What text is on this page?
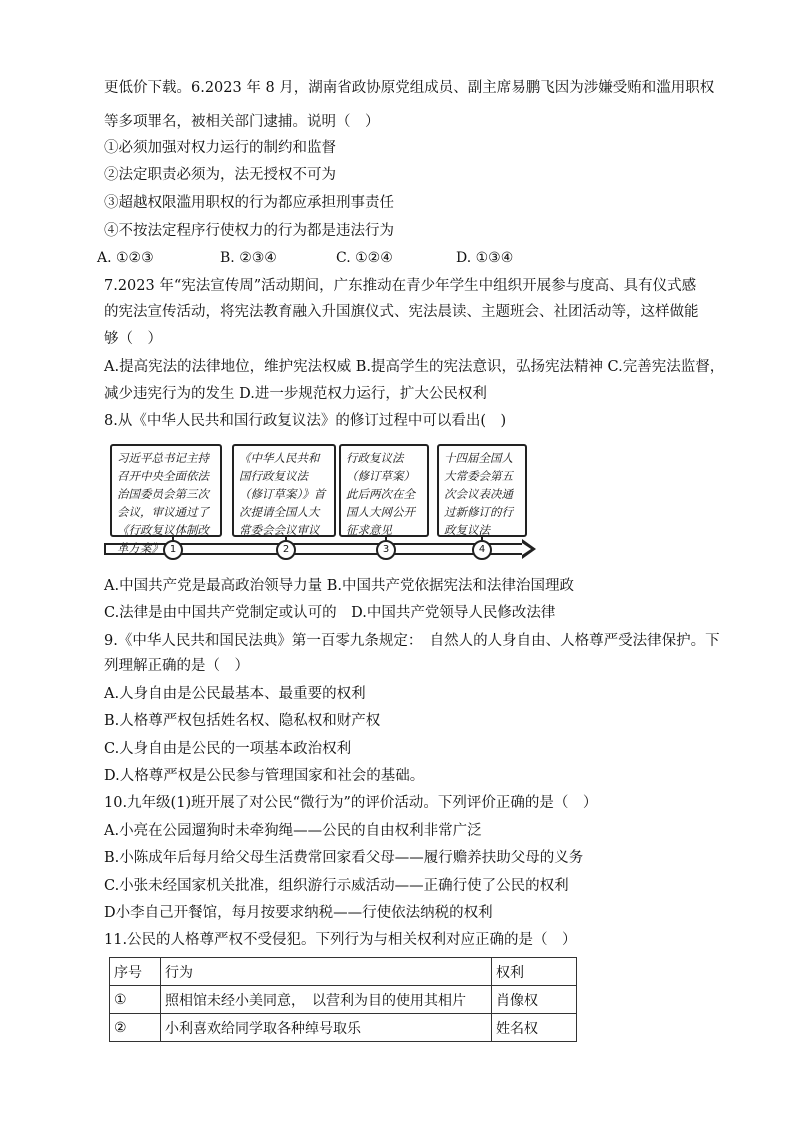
更低价下载。6.2023 年 8 月，湖南省政协原党组成员、副主席易鹏飞因为涉嫌受贿和滥用职权
等多项罪名，被相关部门逮捕。说明（　）
①必须加强对权力运行的制约和监督
②法定职责必须为，法无授权不可为
③超越权限滥用职权的行为都应承担刑事责任
④不按法定程序行使权力的行为都是违法行为
A. ①②③	B. ②③④	C. ①②④	D. ①③④
7.2023 年“宪法宣传周”活动期间，广东推动在青少年学生中组织开展参与度高、具有仪式感
的宪法宣传活动，将宪法教育融入升国旗仪式、宪法晨读、主题班会、社团活动等，这样做能
够（　）
A.提高宪法的法律地位，维护宪法权威 B.提高学生的宪法意识，弘扬宪法精神 C.完善宪法监督，
减少违宪行为的发生 D.进一步规范权力运行，扩大公民权利
8.从《中华人民共和国行政复议法》的修订过程中可以看出(　)
习近平总书记主持召开中央全面依法治国委员会第三次会议，审议通过了《行政复议体制改革方案》
《中华人民共和国行政复议法（修订草案）》首次提请全国人大常委会会议审议
行政复议法（修订草案）此后两次在全国人大网公开征求意见
十四届全国人大常委会第五次会议表决通过新修订的行政复议法
1	2	3	4
A.中国共产党是最高政治领导力量 B.中国共产党依据宪法和法律治国理政
C.法律是由中国共产党制定或认可的　D.中国共产党领导人民修改法律
9.《中华人民共和国民法典》第一百零九条规定：　自然人的人身自由、人格尊严受法律保护。下
列理解正确的是（　）
A.人身自由是公民最基本、最重要的权利
B.人格尊严权包括姓名权、隐私权和财产权
C.人身自由是公民的一项基本政治权利
D.人格尊严权是公民参与管理国家和社会的基础。
10.九年级(1)班开展了对公民“微行为”的评价活动。下列评价正确的是（　）
A.小亮在公园遛狗时未牵狗绳——公民的自由权利非常广泛
B.小陈成年后每月给父母生活费常回家看父母——履行赡养扶助父母的义务
C.小张未经国家机关批准，组织游行示威活动——正确行使了公民的权利
D小李自己开餐馆，每月按要求纳税——行使依法纳税的权利
11.公民的人格尊严权不受侵犯。下列行为与相关权利对应正确的是（　）
序号	行为	权利
①	照相馆未经小美同意，　以营利为目的使用其相片	肖像权
②	小利喜欢给同学取各种绰号取乐	姓名权
